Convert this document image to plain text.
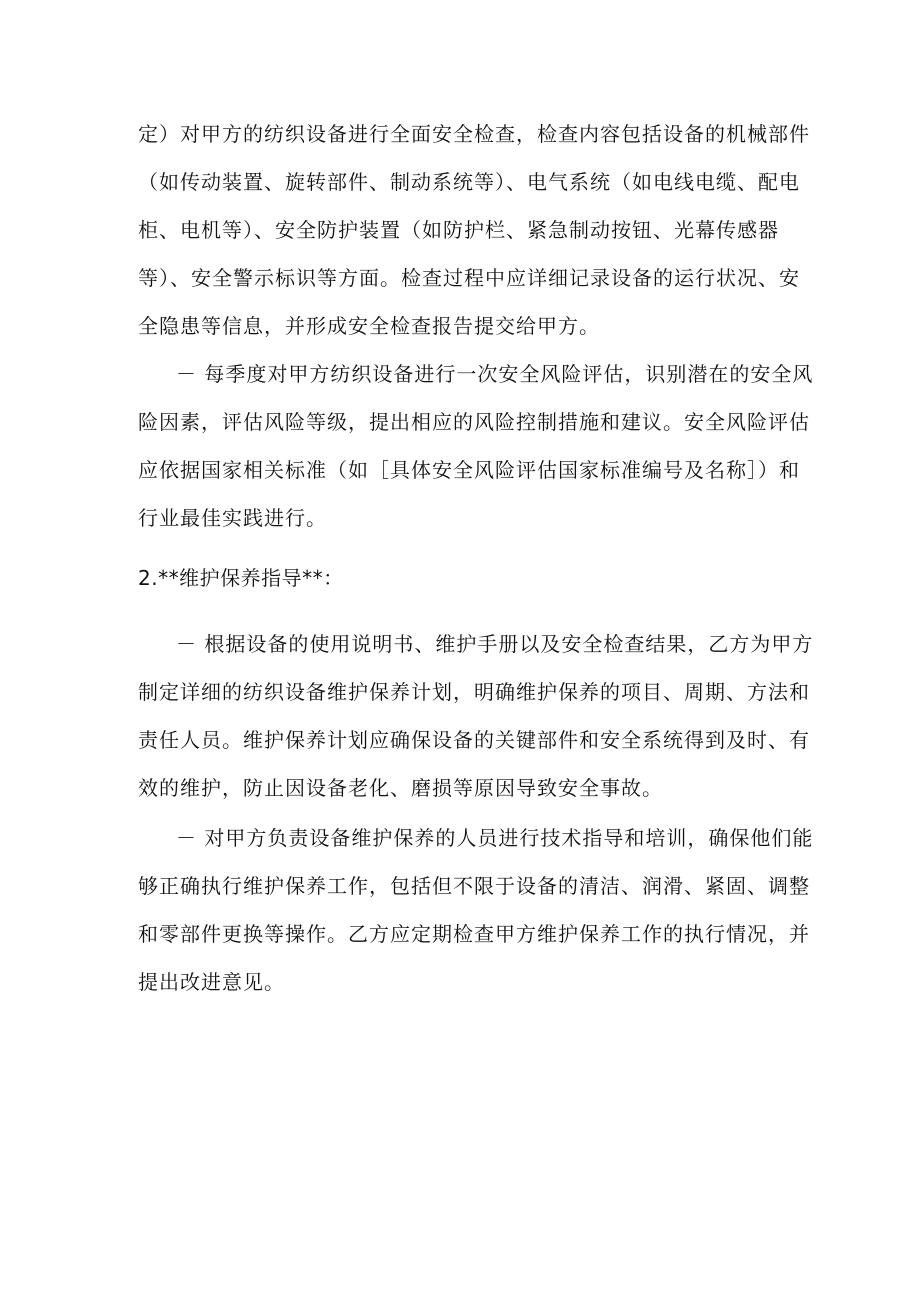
定）对甲方的纺织设备进行全面安全检查，检查内容包括设备的机械部件
（如传动装置、旋转部件、制动系统等）、电气系统（如电线电缆、配电
柜、电机等）、安全防护装置（如防护栏、紧急制动按钮、光幕传感器
等）、安全警示标识等方面。检查过程中应详细记录设备的运行状况、安
全隐患等信息，并形成安全检查报告提交给甲方。
－ 每季度对甲方纺织设备进行一次安全风险评估，识别潜在的安全风
险因素，评估风险等级，提出相应的风险控制措施和建议。安全风险评估
应依据国家相关标准（如［具体安全风险评估国家标准编号及名称］）和
行业最佳实践进行。
2.**维护保养指导**：
－ 根据设备的使用说明书、维护手册以及安全检查结果，乙方为甲方
制定详细的纺织设备维护保养计划，明确维护保养的项目、周期、方法和
责任人员。维护保养计划应确保设备的关键部件和安全系统得到及时、有
效的维护，防止因设备老化、磨损等原因导致安全事故。
－ 对甲方负责设备维护保养的人员进行技术指导和培训，确保他们能
够正确执行维护保养工作，包括但不限于设备的清洁、润滑、紧固、调整
和零部件更换等操作。乙方应定期检查甲方维护保养工作的执行情况，并
提出改进意见。
